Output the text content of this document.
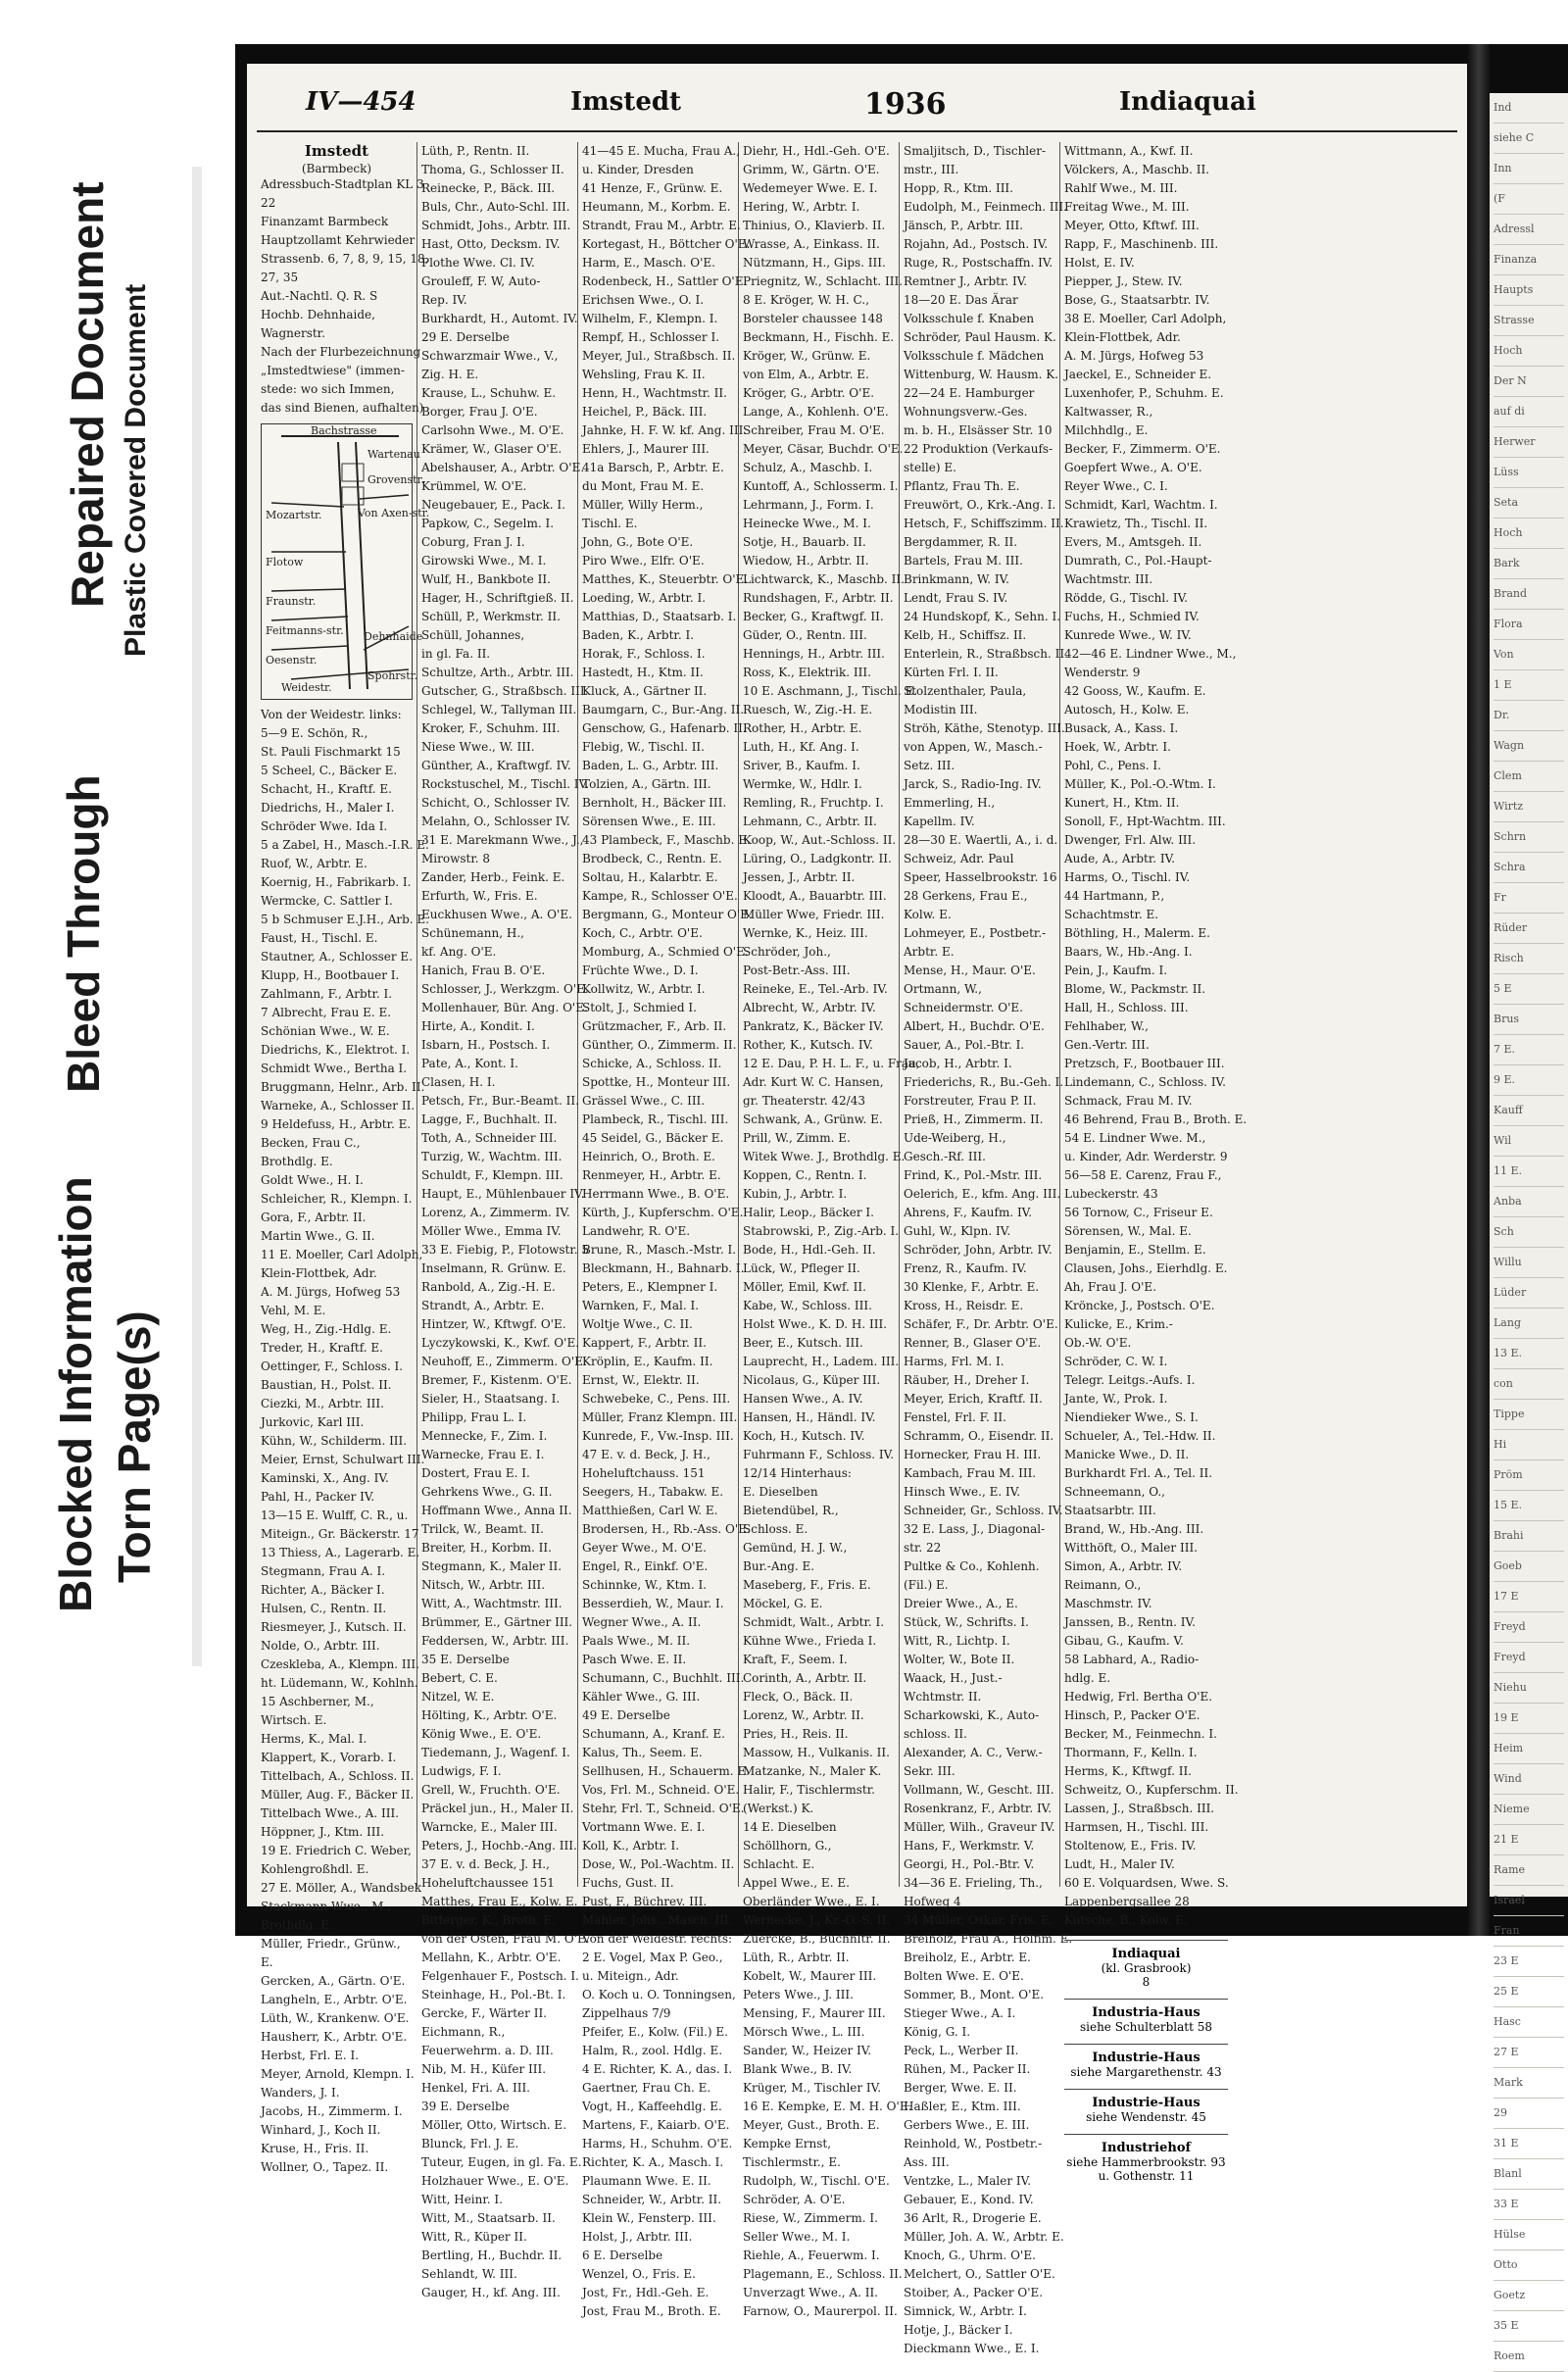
Plastic Covered Document
Repaired Document
Bleed Through
Torn Page(s)
Blocked Information
IV—454	Imstedt	1936	Indiaquai
Imstedt
(Barmbeck)
Adressbuch-Stadtplan KL 3
22
Finanzamt Barmbeck
Hauptzollamt Kehrwieder
Strassenb. 6, 7, 8, 9, 15, 18,
27, 35
Aut.-Nachtl. Q. R. S
Hochb. Dehnhaide,
Wagnerstr.
Nach der Flurbezeichnung
„Imstedtwiese" (immen-
stede: wo sich Immen,
das sind Bienen, aufhalten)
Bachstrasse
Wartenau
Grovenstr.
Mozartstr.	Von Axen-str.
Flotow
Fraunstr.
Feitmanns-str.
Oesenstr.
Dehnhaide
Weidestr.
Spohrstr.
Von der Weidestr. links:
5—9 E. Schön, R.,
St. Pauli Fischmarkt 15
5 Scheel, C., Bäcker E.
Schacht, H., Kraftf. E.
Diedrichs, H., Maler I.
Schröder Wwe. Ida I.
5 a Zabel, H., Masch.-I.R. E.
Ruof, W., Arbtr. E.
Koernig, H., Fabrikarb. I.
Wermcke, C. Sattler I.
5 b Schmuser E.J.H., Arb. E.
Faust, H., Tischl. E.
Stautner, A., Schlosser E.
Klupp, H., Bootbauer I.
Zahlmann, F., Arbtr. I.
7 Albrecht, Frau E. E.
Schönian Wwe., W. E.
Diedrichs, K., Elektrot. I.
Schmidt Wwe., Bertha I.
Bruggmann, Helnr., Arb. II.
Warneke, A., Schlosser II.
9 Heldefuss, H., Arbtr. E.
Becken, Frau C.,
Brothdlg. E.
Goldt Wwe., H. I.
Schleicher, R., Klempn. I.
Gora, F., Arbtr. II.
Martin Wwe., G. II.
11 E. Moeller, Carl Adolph,
Klein-Flottbek, Adr.
A. M. Jürgs, Hofweg 53
Vehl, M. E.
Weg, H., Zig.-Hdlg. E.
Treder, H., Kraftf. E.
Oettinger, F., Schloss. I.
Baustian, H., Polst. II.
Ciezki, M., Arbtr. III.
Jurkovic, Karl III.
Kühn, W., Schilderm. III.
Meier, Ernst, Schulwart III.
Kaminski, X., Ang. IV.
Pahl, H., Packer IV.
13—15 E. Wulff, C. R., u.
Miteign., Gr. Bäckerstr. 17
13 Thiess, A., Lagerarb. E.
Stegmann, Frau A. I.
Richter, A., Bäcker I.
Hulsen, C., Rentn. II.
Riesmeyer, J., Kutsch. II.
Nolde, O., Arbtr. III.
Czeskleba, A., Klempn. III.
ht. Lüdemann, W., Kohlnh.
15 Aschberner, M.,
Wirtsch. E.
Herms, K., Mal. I.
Klappert, K., Vorarb. I.
Tittelbach, A., Schloss. II.
Müller, Aug. F., Bäcker II.
Tittelbach Wwe., A. III.
Höppner, J., Ktm. III.
19 E. Friedrich C. Weber,
Kohlengroßhdl. E.
27 E. Möller, A., Wandsbek
Stackmann Wwe., M.,
Brothdlg. E.
Müller, Friedr., Grünw.,
E.
Gercken, A., Gärtn. O'E.
Langheln, E., Arbtr. O'E.
Lüth, W., Krankenw. O'E.
Hausherr, K., Arbtr. O'E.
Herbst, Frl. E. I.
Meyer, Arnold, Klempn. I.
Wanders, J. I.
Jacobs, H., Zimmerm. I.
Winhard, J., Koch II.
Kruse, H., Fris. II.
Wollner, O., Tapez. II.
Lüth, P., Rentn. II.
Thoma, G., Schlosser II.
Reinecke, P., Bäck. III.
Buls, Chr., Auto-Schl. III.
Schmidt, Johs., Arbtr. III.
Hast, Otto, Decksm. IV.
Plothe Wwe. Cl. IV.
Grouleff, F. W, Auto-
Rep. IV.
Burkhardt, H., Automt. IV.
29 E. Derselbe
Schwarzmair Wwe., V.,
Zig. H. E.
Krause, L., Schuhw. E.
Borger, Frau J. O'E.
Carlsohn Wwe., M. O'E.
Krämer, W., Glaser O'E.
Abelshauser, A., Arbtr. O'E.
Krümmel, W. O'E.
Neugebauer, E., Pack. I.
Papkow, C., Segelm. I.
Coburg, Fran J. I.
Girowski Wwe., M. I.
Wulf, H., Bankbote II.
Hager, H., Schriftgieß. II.
Schüll, P., Werkmstr. II.
Schüll, Johannes,
in gl. Fa. II.
Schultze, Arth., Arbtr. III.
Gutscher, G., Straßbsch. III.
Schlegel, W., Tallyman III.
Kroker, F., Schuhm. III.
Niese Wwe., W. III.
Günther, A., Kraftwgf. IV.
Rockstuschel, M., Tischl. IV.
Schicht, O., Schlosser IV.
Melahn, O., Schlosser IV.
31 E. Marekmann Wwe., J.,
Mirowstr. 8
Zander, Herb., Feink. E.
Erfurth, W., Fris. E.
Euckhusen Wwe., A. O'E.
Schünemann, H.,
kf. Ang. O'E.
Hanich, Frau B. O'E.
Schlosser, J., Werkzgm. O'E.
Mollenhauer, Bür. Ang. O'E.
Hirte, A., Kondit. I.
Isbarn, H., Postsch. I.
Pate, A., Kont. I.
Clasen, H. I.
Petsch, Fr., Bur.-Beamt. II.
Lagge, F., Buchhalt. II.
Toth, A., Schneider III.
Turzig, W., Wachtm. III.
Schuldt, F., Klempn. III.
Haupt, E., Mühlenbauer IV.
Lorenz, A., Zimmerm. IV.
Möller Wwe., Emma IV.
33 E. Fiebig, P., Flotowstr. 5
Inselmann, R. Grünw. E.
Ranbold, A., Zig.-H. E.
Strandt, A., Arbtr. E.
Hintzer, W., Kftwgf. O'E.
Lyczykowski, K., Kwf. O'E.
Neuhoff, E., Zimmerm. O'E.
Bremer, F., Kistenm. O'E.
Sieler, H., Staatsang. I.
Philipp, Frau L. I.
Mennecke, F., Zim. I.
Warnecke, Frau E. I.
Dostert, Frau E. I.
Gehrkens Wwe., G. II.
Hoffmann Wwe., Anna II.
Trilck, W., Beamt. II.
Breiter, H., Korbm. II.
Stegmann, K., Maler II.
Nitsch, W., Arbtr. III.
Witt, A., Wachtmstr. III.
Brümmer, E., Gärtner III.
Feddersen, W., Arbtr. III.
35 E. Derselbe
Bebert, C. E.
Nitzel, W. E.
Hölting, K., Arbtr. O'E.
König Wwe., E. O'E.
Tiedemann, J., Wagenf. I.
Ludwigs, F. I.
Grell, W., Fruchth. O'E.
Präckel jun., H., Maler II.
Warncke, E., Maler III.
Peters, J., Hochb.-Ang. III.
37 E. v. d. Beck, J. H.,
Hoheluftchaussee 151
Matthes, Frau E., Kolw. E.
Bitterger, K., Broth. E.
von der Osten, Frau M. O'E.
Mellahn, K., Arbtr. O'E.
Felgenhauer F., Postsch. I.
Steinhage, H., Pol.-Bt. I.
Gercke, F., Wärter II.
Eichmann, R.,
Feuerwehrm. a. D. III.
Nib, M. H., Küfer III.
Henkel, Fri. A. III.
39 E. Derselbe
Möller, Otto, Wirtsch. E.
Blunck, Frl. J. E.
Tuteur, Eugen, in gl. Fa. E.
Holzhauer Wwe., E. O'E.
Witt, Heinr. I.
Witt, M., Staatsarb. II.
Witt, R., Küper II.
Bertling, H., Buchdr. II.
Sehlandt, W. III.
Gauger, H., kf. Ang. III.
41—45 E. Mucha, Frau A.,
u. Kinder, Dresden
41 Henze, F., Grünw. E.
Heumann, M., Korbm. E.
Strandt, Frau M., Arbtr. E.
Kortegast, H., Böttcher O'E.
Harm, E., Masch. O'E.
Rodenbeck, H., Sattler O'E.
Erichsen Wwe., O. I.
Wilhelm, F., Klempn. I.
Rempf, H., Schlosser I.
Meyer, Jul., Straßbsch. II.
Wehsling, Frau K. II.
Henn, H., Wachtmstr. II.
Heichel, P., Bäck. III.
Jahnke, H. F. W. kf. Ang. III.
Ehlers, J., Maurer III.
41a Barsch, P., Arbtr. E.
du Mont, Frau M. E.
Müller, Willy Herm.,
Tischl. E.
John, G., Bote O'E.
Piro Wwe., Elfr. O'E.
Matthes, K., Steuerbtr. O'E.
Loeding, W., Arbtr. I.
Matthias, D., Staatsarb. I.
Baden, K., Arbtr. I.
Horak, F., Schloss. I.
Hastedt, H., Ktm. II.
Kluck, A., Gärtner II.
Baumgarn, C., Bur.-Ang. II.
Genschow, G., Hafenarb. II.
Flebig, W., Tischl. II.
Baden, L. G., Arbtr. III.
Tolzien, A., Gärtn. III.
Bernholt, H., Bäcker III.
Sörensen Wwe., E. III.
43 Plambeck, F., Maschb. E.
Brodbeck, C., Rentn. E.
Soltau, H., Kalarbtr. E.
Kampe, R., Schlosser O'E.
Bergmann, G., Monteur O'E.
Koch, C., Arbtr. O'E.
Momburg, A., Schmied O'E.
Früchte Wwe., D. I.
Kollwitz, W., Arbtr. I.
Stolt, J., Schmied I.
Grützmacher, F., Arb. II.
Günther, O., Zimmerm. II.
Schicke, A., Schloss. II.
Spottke, H., Monteur III.
Grässel Wwe., C. III.
Plambeck, R., Tischl. III.
45 Seidel, G., Bäcker E.
Heinrich, O., Broth. E.
Renmeyer, H., Arbtr. E.
Herrmann Wwe., B. O'E.
Kürth, J., Kupferschm. O'E.
Landwehr, R. O'E.
Brune, R., Masch.-Mstr. I.
Bleckmann, H., Bahnarb. I.
Peters, E., Klempner I.
Warnken, F., Mal. I.
Woltje Wwe., C. II.
Kappert, F., Arbtr. II.
Kröplin, E., Kaufm. II.
Ernst, W., Elektr. II.
Schwebeke, C., Pens. III.
Müller, Franz Klempn. III.
Kunrede, F., Vw.-Insp. III.
47 E. v. d. Beck, J. H.,
Hoheluftchauss. 151
Seegers, H., Tabakw. E.
Matthießen, Carl W. E.
Brodersen, H., Rb.-Ass. O'E.
Geyer Wwe., M. O'E.
Engel, R., Einkf. O'E.
Schinnke, W., Ktm. I.
Besserdieh, W., Maur. I.
Wegner Wwe., A. II.
Paals Wwe., M. II.
Pasch Wwe. E. II.
Schumann, C., Buchhlt. III.
Kähler Wwe., G. III.
49 E. Derselbe
Schumann, A., Kranf. E.
Kalus, Th., Seem. E.
Sellhusen, H., Schauerm. E.
Vos, Frl. M., Schneid. O'E.
Stehr, Frl. T., Schneid. O'E.
Vortmann Wwe. E. I.
Koll, K., Arbtr. I.
Dose, W., Pol.-Wachtm. II.
Fuchs, Gust. II.
Pust, F., Büchrev. III.
Mahler, Johs., Masch. III.
Von der Weidestr. rechts:
2 E. Vogel, Max P. Geo.,
u. Miteign., Adr.
O. Koch u. O. Tonningsen,
Zippelhaus 7/9
Pfeifer, E., Kolw. (Fil.) E.
Halm, R., zool. Hdlg. E.
4 E. Richter, K. A., das. I.
Gaertner, Frau Ch. E.
Vogt, H., Kaffeehdlg. E.
Martens, F., Kaiarb. O'E.
Harms, H., Schuhm. O'E.
Richter, K. A., Masch. I.
Plaumann Wwe. E. II.
Schneider, W., Arbtr. II.
Klein W., Fensterp. III.
Holst, J., Arbtr. III.
6 E. Derselbe
Wenzel, O., Fris. E.
Jost, Fr., Hdl.-Geh. E.
Jost, Frau M., Broth. E.
Diehr, H., Hdl.-Geh. O'E.
Grimm, W., Gärtn. O'E.
Wedemeyer Wwe. E. I.
Hering, W., Arbtr. I.
Thinius, O., Klavierb. II.
Wrasse, A., Einkass. II.
Nützmann, H., Gips. III.
Priegnitz, W., Schlacht. III.
8 E. Kröger, W. H. C.,
Borsteler chaussee 148
Beckmann, H., Fischh. E.
Kröger, W., Grünw. E.
von Elm, A., Arbtr. E.
Kröger, G., Arbtr. O'E.
Lange, A., Kohlenh. O'E.
Schreiber, Frau M. O'E.
Meyer, Cäsar, Buchdr. O'E.
Schulz, A., Maschb. I.
Kuntoff, A., Schlosserm. I.
Lehrmann, J., Form. I.
Heinecke Wwe., M. I.
Sotje, H., Bauarb. II.
Wiedow, H., Arbtr. II.
Lichtwarck, K., Maschb. II.
Rundshagen, F., Arbtr. II.
Becker, G., Kraftwgf. II.
Güder, O., Rentn. III.
Hennings, H., Arbtr. III.
Ross, K., Elektrik. III.
10 E. Aschmann, J., Tischl. E.
Ruesch, W., Zig.-H. E.
Rother, H., Arbtr. E.
Luth, H., Kf. Ang. I.
Sriver, B., Kaufm. I.
Wermke, W., Hdlr. I.
Remling, R., Fruchtp. I.
Lehmann, C., Arbtr. II.
Koop, W., Aut.-Schloss. II.
Lüring, O., Ladgkontr. II.
Jessen, J., Arbtr. II.
Kloodt, A., Bauarbtr. III.
Müller Wwe, Friedr. III.
Wernke, K., Heiz. III.
Schröder, Joh.,
Post-Betr.-Ass. III.
Reineke, E., Tel.-Arb. IV.
Albrecht, W., Arbtr. IV.
Pankratz, K., Bäcker IV.
Rother, K., Kutsch. IV.
12 E. Dau, P. H. L. F., u. Frau,
Adr. Kurt W. C. Hansen,
gr. Theaterstr. 42/43
Schwank, A., Grünw. E.
Prill, W., Zimm. E.
Witek Wwe. J., Brothdlg. E.
Koppen, C., Rentn. I.
Kubin, J., Arbtr. I.
Halir, Leop., Bäcker I.
Stabrowski, P., Zig.-Arb. I.
Bode, H., Hdl.-Geh. II.
Lück, W., Pfleger II.
Möller, Emil, Kwf. II.
Kabe, W., Schloss. III.
Holst Wwe., K. D. H. III.
Beer, E., Kutsch. III.
Lauprecht, H., Ladem. III.
Nicolaus, G., Küper III.
Hansen Wwe., A. IV.
Hansen, H., Händl. IV.
Koch, H., Kutsch. IV.
Fuhrmann F., Schloss. IV.
12/14 Hinterhaus:
E. Dieselben
Bietendübel, R.,
Schloss. E.
Gemünd, H. J. W.,
Bur.-Ang. E.
Maseberg, F., Fris. E.
Möckel, G. E.
Schmidt, Walt., Arbtr. I.
Kühne Wwe., Frieda I.
Kraft, F., Seem. I.
Corinth, A., Arbtr. II.
Fleck, O., Bäck. II.
Lorenz, W., Arbtr. II.
Pries, H., Reis. II.
Massow, H., Vulkanis. II.
Matzanke, N., Maler K.
Halir, F., Tischlermstr.
(Werkst.) K.
14 E. Dieselben
Schöllhorn, G.,
Schlacht. E.
Appel Wwe., E. E.
Oberländer Wwe., E. I.
Wernecke, J., Kr.-O.-S. II.
Zuercke, B., Buchhltr. II.
Lüth, R., Arbtr. II.
Kobelt, W., Maurer III.
Peters Wwe., J. III.
Mensing, F., Maurer III.
Mörsch Wwe., L. III.
Sander, W., Heizer IV.
Blank Wwe., B. IV.
Krüger, M., Tischler IV.
16 E. Kempke, E. M. H. O'E.
Meyer, Gust., Broth. E.
Kempke Ernst,
Tischlermstr., E.
Rudolph, W., Tischl. O'E.
Schröder, A. O'E.
Riese, W., Zimmerm. I.
Seller Wwe., M. I.
Riehle, A., Feuerwm. I.
Plagemann, E., Schloss. II.
Unverzagt Wwe., A. II.
Farnow, O., Maurerpol. II.
Smaljitsch, D., Tischler-
mstr., III.
Hopp, R., Ktm. III.
Eudolph, M., Feinmech. III.
Jänsch, P., Arbtr. III.
Rojahn, Ad., Postsch. IV.
Ruge, R., Postschaffn. IV.
Remtner J., Arbtr. IV.
18—20 E. Das Ärar
Volksschule f. Knaben
Schröder, Paul Hausm. K.
Volksschule f. Mädchen
Wittenburg, W. Hausm. K.
22—24 E. Hamburger
Wohnungsverw.-Ges.
m. b. H., Elsässer Str. 10
22 Produktion (Verkaufs-
stelle) E.
Pflantz, Frau Th. E.
Freuwört, O., Krk.-Ang. I.
Hetsch, F., Schiffszimm. II.
Bergdammer, R. II.
Bartels, Frau M. III.
Brinkmann, W. IV.
Lendt, Frau S. IV.
24 Hundskopf, K., Sehn. I.
Kelb, H., Schiffsz. II.
Enterlein, R., Straßbsch. II.
Kürten Frl. I. II.
Stolzenthaler, Paula,
Modistin III.
Ströh, Käthe, Stenotyp. III.
von Appen, W., Masch.-
Setz. III.
Jarck, S., Radio-Ing. IV.
Emmerling, H.,
Kapellm. IV.
28—30 E. Waertli, A., i. d.
Schweiz, Adr. Paul
Speer, Hasselbrookstr. 16
28 Gerkens, Frau E.,
Kolw. E.
Lohmeyer, E., Postbetr.-
Arbtr. E.
Mense, H., Maur. O'E.
Ortmann, W.,
Schneidermstr. O'E.
Albert, H., Buchdr. O'E.
Sauer, A., Pol.-Btr. I.
Jacob, H., Arbtr. I.
Friederichs, R., Bu.-Geh. I.
Forstreuter, Frau P. II.
Prieß, H., Zimmerm. II.
Ude-Weiberg, H.,
Gesch.-Rf. III.
Frind, K., Pol.-Mstr. III.
Oelerich, E., kfm. Ang. III.
Ahrens, F., Kaufm. IV.
Guhl, W., Klpn. IV.
Schröder, John, Arbtr. IV.
Frenz, R., Kaufm. IV.
30 Klenke, F., Arbtr. E.
Kross, H., Reisdr. E.
Schäfer, F., Dr. Arbtr. O'E.
Renner, B., Glaser O'E.
Harms, Frl. M. I.
Räuber, H., Dreher I.
Meyer, Erich, Kraftf. II.
Fenstel, Frl. F. II.
Schramm, O., Eisendr. II.
Hornecker, Frau H. III.
Kambach, Frau M. III.
Hinsch Wwe., E. IV.
Schneider, Gr., Schloss. IV.
32 E. Lass, J., Diagonal-
str. 22
Pultke & Co., Kohlenh.
(Fil.) E.
Dreier Wwe., A., E.
Stück, W., Schrifts. I.
Witt, R., Lichtp. I.
Wolter, W., Bote II.
Waack, H., Just.-
Wchtmstr. II.
Scharkowski, K., Auto-
schloss. II.
Alexander, A. C., Verw.-
Sekr. III.
Vollmann, W., Gescht. III.
Rosenkranz, F., Arbtr. IV.
Müller, Wilh., Graveur IV.
Hans, F., Werkmstr. V.
Georgi, H., Pol.-Btr. V.
34—36 E. Frieling, Th.,
Hofweg 4
34 Müller, Oskar, Fris. E.
Breiholz, Frau A., Hölfim. E.
Breiholz, E., Arbtr. E.
Bolten Wwe. E. O'E.
Sommer, B., Mont. O'E.
Stieger Wwe., A. I.
König, G. I.
Peck, L., Werber II.
Rühen, M., Packer II.
Berger, Wwe. E. II.
Haßler, E., Ktm. III.
Gerbers Wwe., E. III.
Reinhold, W., Postbetr.-
Ass. III.
Ventzke, L., Maler IV.
Gebauer, E., Kond. IV.
36 Arlt, R., Drogerie E.
Müller, Joh. A. W., Arbtr. E.
Knoch, G., Uhrm. O'E.
Melchert, O., Sattler O'E.
Stoiber, A., Packer O'E.
Simnick, W., Arbtr. I.
Hotje, J., Bäcker I.
Dieckmann Wwe., E. I.
Wittmann, A., Kwf. II.
Völckers, A., Maschb. II.
Rahlf Wwe., M. III.
Freitag Wwe., M. III.
Meyer, Otto, Kftwf. III.
Rapp, F., Maschinenb. III.
Holst, E. IV.
Piepper, J., Stew. IV.
Bose, G., Staatsarbtr. IV.
38 E. Moeller, Carl Adolph,
Klein-Flottbek, Adr.
A. M. Jürgs, Hofweg 53
Jaeckel, E., Schneider E.
Luxenhofer, P., Schuhm. E.
Kaltwasser, R.,
Milchhdlg., E.
Becker, F., Zimmerm. O'E.
Goepfert Wwe., A. O'E.
Reyer Wwe., C. I.
Schmidt, Karl, Wachtm. I.
Krawietz, Th., Tischl. II.
Evers, M., Amtsgeh. II.
Dumrath, C., Pol.-Haupt-
Wachtmstr. III.
Rödde, G., Tischl. IV.
Fuchs, H., Schmied IV.
Kunrede Wwe., W. IV.
42—46 E. Lindner Wwe., M.,
Wenderstr. 9
42 Gooss, W., Kaufm. E.
Autosch, H., Kolw. E.
Busack, A., Kass. I.
Hoek, W., Arbtr. I.
Pohl, C., Pens. I.
Müller, K., Pol.-O.-Wtm. I.
Kunert, H., Ktm. II.
Sonoll, F., Hpt-Wachtm. III.
Dwenger, Frl. Alw. III.
Aude, A., Arbtr. IV.
Harms, O., Tischl. IV.
44 Hartmann, P.,
Schachtmstr. E.
Böthling, H., Malerm. E.
Baars, W., Hb.-Ang. I.
Pein, J., Kaufm. I.
Blome, W., Packmstr. II.
Hall, H., Schloss. III.
Fehlhaber, W.,
Gen.-Vertr. III.
Pretzsch, F., Bootbauer III.
Lindemann, C., Schloss. IV.
Schmack, Frau M. IV.
46 Behrend, Frau B., Broth. E.
54 E. Lindner Wwe. M.,
u. Kinder, Adr. Werderstr. 9
56—58 E. Carenz, Frau F.,
Lubeckerstr. 43
56 Tornow, C., Friseur E.
Sörensen, W., Mal. E.
Benjamin, E., Stellm. E.
Clausen, Johs., Eierhdlg. E.
Ah, Frau J. O'E.
Kröncke, J., Postsch. O'E.
Kulicke, E., Krim.-
Ob.-W. O'E.
Schröder, C. W. I.
Telegr. Leitgs.-Aufs. I.
Jante, W., Prok. I.
Niendieker Wwe., S. I.
Schueler, A., Tel.-Hdw. II.
Manicke Wwe., D. II.
Burkhardt Frl. A., Tel. II.
Schneemann, O.,
Staatsarbtr. III.
Brand, W., Hb.-Ang. III.
Witthöft, O., Maler III.
Simon, A., Arbtr. IV.
Reimann, O.,
Maschmstr. IV.
Janssen, B., Rentn. IV.
Gibau, G., Kaufm. V.
58 Labhard, A., Radio-
hdlg. E.
Hedwig, Frl. Bertha O'E.
Hinsch, P., Packer O'E.
Becker, M., Feinmechn. I.
Thormann, F., Kelln. I.
Herms, K., Kftwgf. II.
Schweitz, O., Kupferschm. II.
Lassen, J., Straßbsch. III.
Harmsen, H., Tischl. III.
Stoltenow, E., Fris. IV.
Ludt, H., Maler IV.
60 E. Volquardsen, Wwe. S.
Lappenbergsallee 28
Kutsche, B., Kolw. E.
Indiaquai
(kl. Grasbrook)
8
Industria-Haus
siehe Schulterblatt 58
Industrie-Haus
siehe Margarethenstr. 43
Industrie-Haus
siehe Wendenstr. 45
Industriehof
siehe Hammerbrookstr. 93 u. Gothenstr. 11
Ind
siehe C
Inn
(F
Adressl
Finanza
Haupts
Strasse
Hoch
Der N
auf di
Herwer
Lüss
Seta
Hoch
Bark
Brand
Flora
Von
1 E
Dr.
Wagn
Clem
Wirtz
Schrn
Schra
Fr
Rüder
Risch
5 E
Brus
7 E.
9 E.
Kauff
Wil
11 E.
Anba
Sch
Willu
Lüder
Lang
13 E.
con
Tippe
Hi
Pröm
15 E.
Brahi
Goeb
17 E
Freyd
Freyd
Niehu
19 E
Heim
Wind
Nieme
21 E
Rame
Israel
Fran
23 E
25 E
Hasc
27 E
Mark
29
31 E
Blanl
33 E
Hülse
Otto
Goetz
35 E
Roem
